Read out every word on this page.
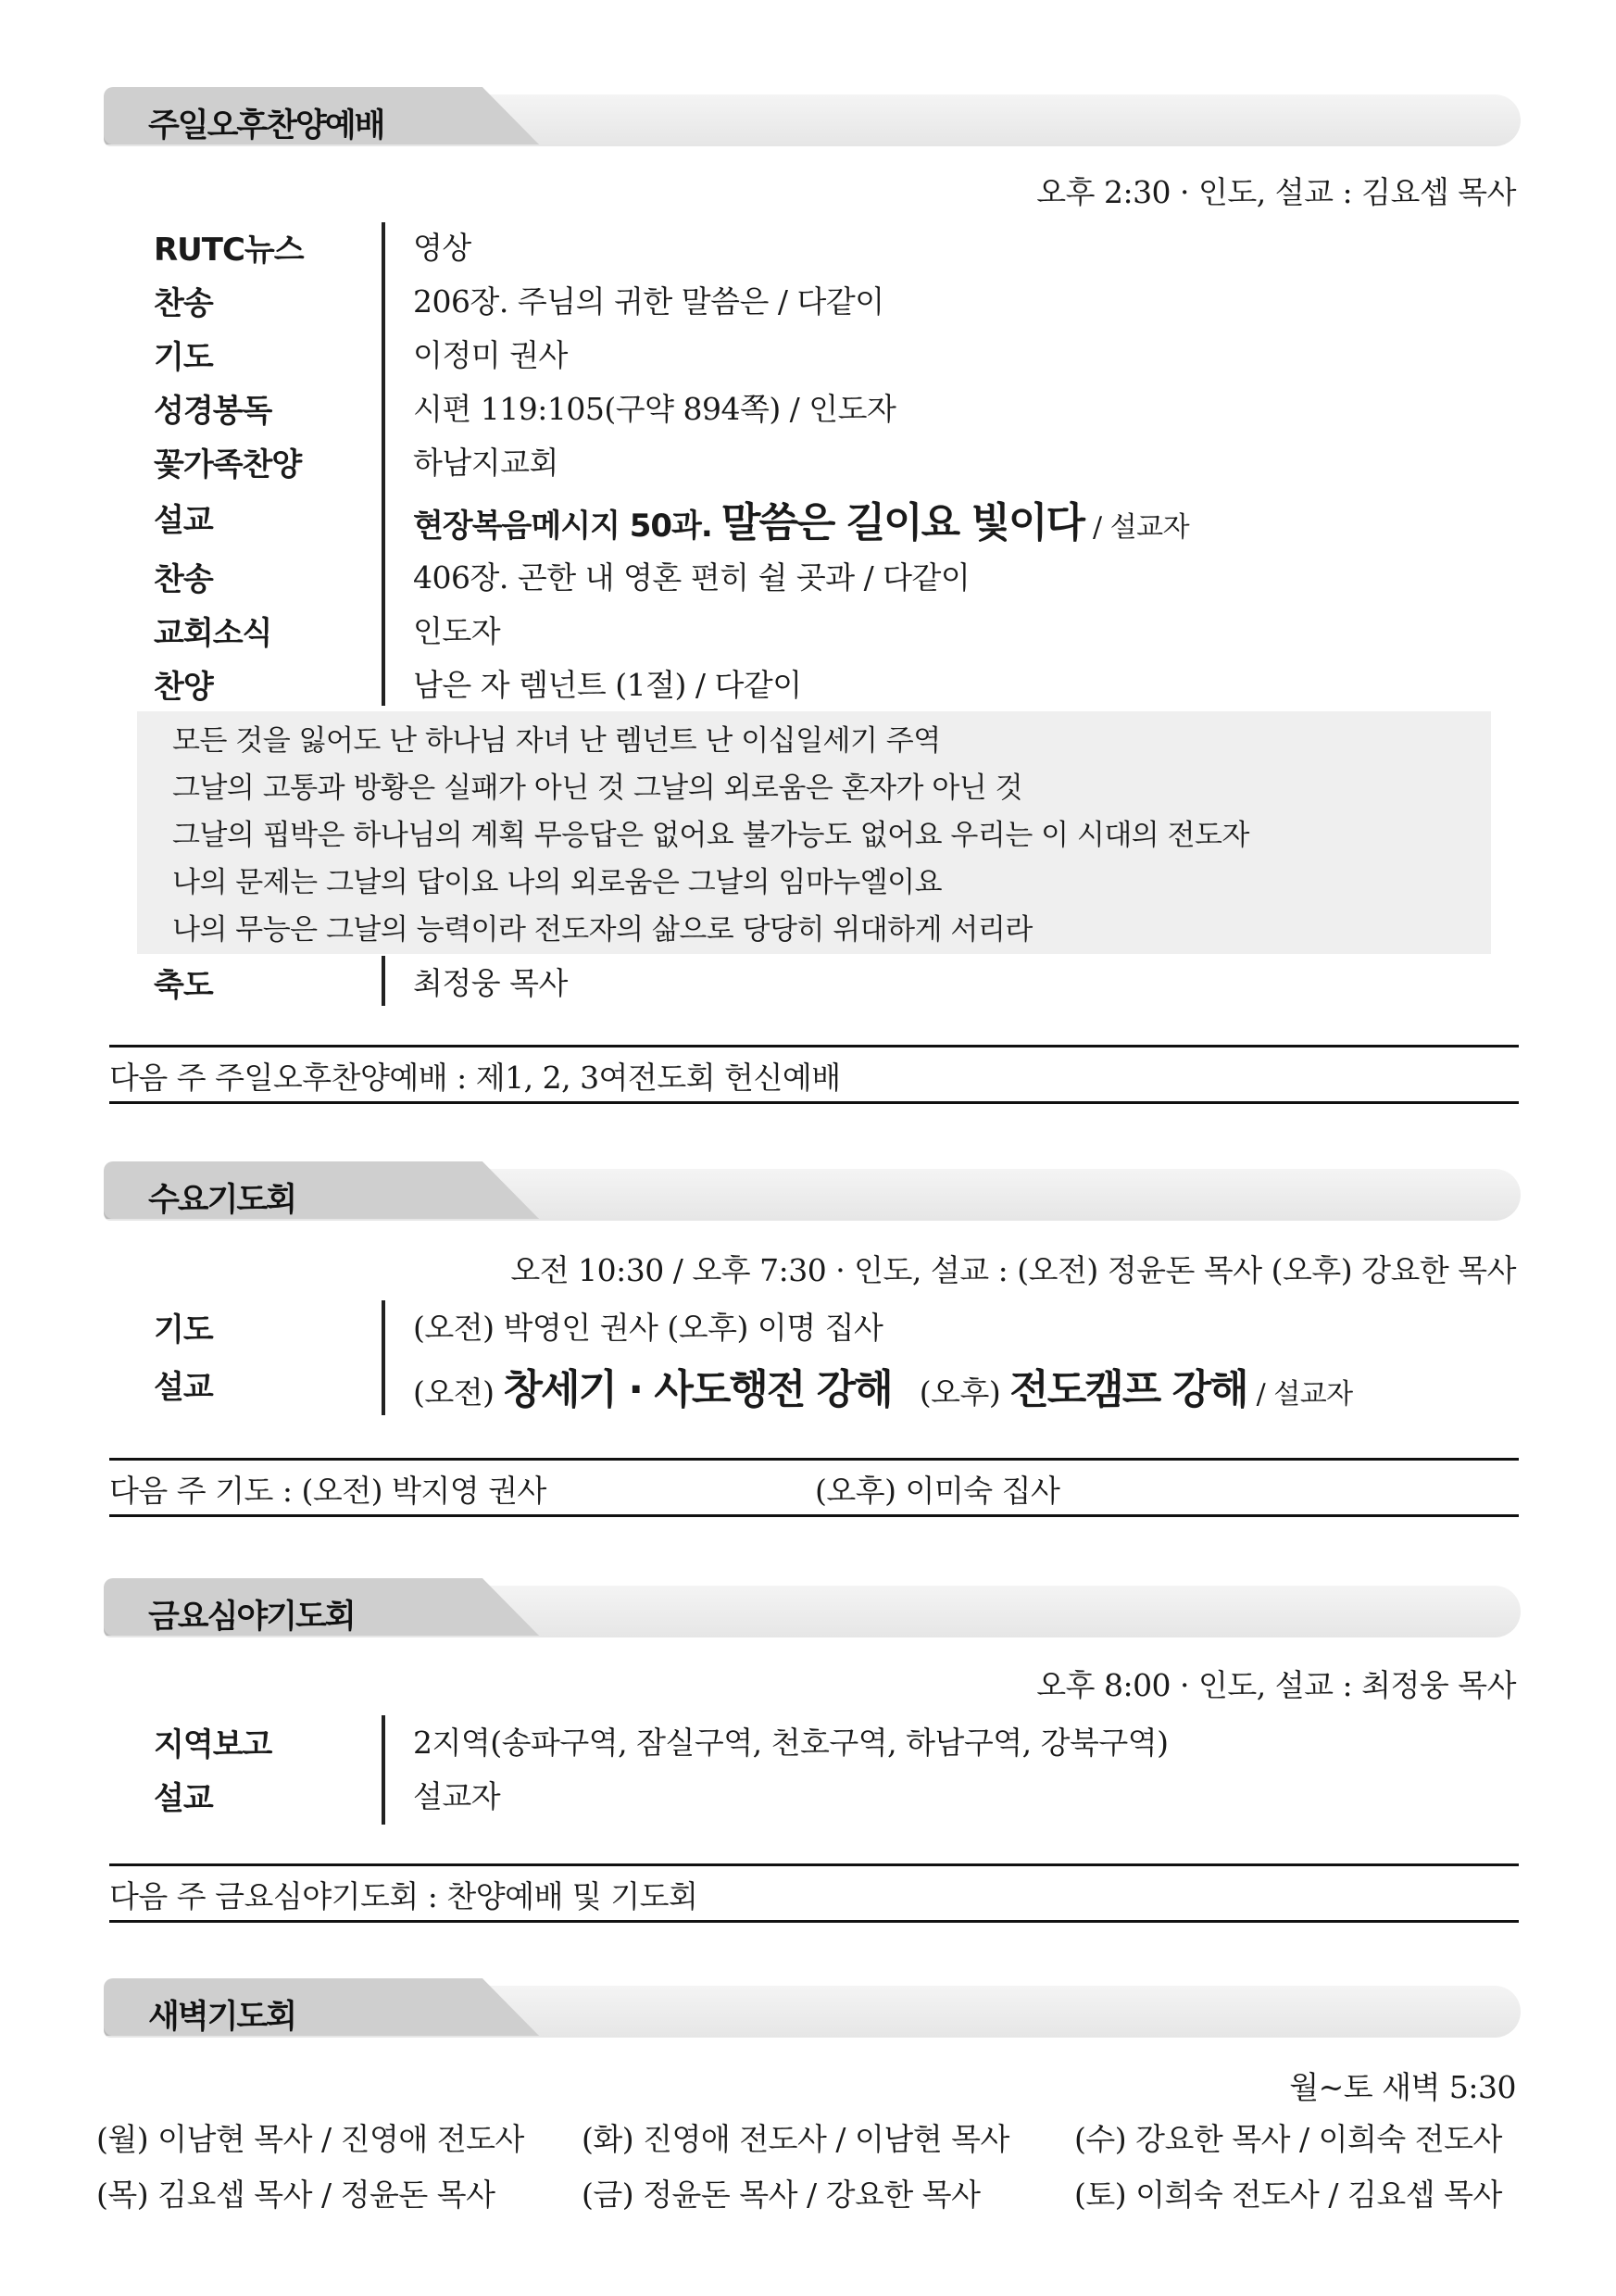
주일오후찬양예배
오후 2:30 · 인도, 설교 : 김요셉 목사
RUTC뉴스	영상
찬송	206장. 주님의 귀한 말씀은 / 다같이
기도	이정미 권사
성경봉독	시편 119:105(구약 894쪽) / 인도자
꽃가족찬양	하남지교회
설교	현장복음메시지 50과. 말씀은 길이요 빛이다 / 설교자
찬송	406장. 곤한 내 영혼 편히 쉴 곳과 / 다같이
교회소식	인도자
찬양	남은 자 렘넌트 (1절) / 다같이
모든 것을 잃어도 난 하나님 자녀 난 렘넌트 난 이십일세기 주역
그날의 고통과 방황은 실패가 아닌 것 그날의 외로움은 혼자가 아닌 것
그날의 핍박은 하나님의 계획 무응답은 없어요 불가능도 없어요 우리는 이 시대의 전도자
나의 문제는 그날의 답이요 나의 외로움은 그날의 임마누엘이요
나의 무능은 그날의 능력이라 전도자의 삶으로 당당히 위대하게 서리라
축도	최정웅 목사
다음 주 주일오후찬양예배 : 제1, 2, 3여전도회 헌신예배
수요기도회
오전 10:30 / 오후 7:30 · 인도, 설교 : (오전) 정윤돈 목사 (오후) 강요한 목사
기도	(오전) 박영인 권사 (오후) 이명 집사
설교	(오전) 창세기 · 사도행전 강해 (오후) 전도캠프 강해 / 설교자
다음 주 기도 : (오전) 박지영 권사	(오후) 이미숙 집사
금요심야기도회
오후 8:00 · 인도, 설교 : 최정웅 목사
지역보고	2지역(송파구역, 잠실구역, 천호구역, 하남구역, 강북구역)
설교	설교자
다음 주 금요심야기도회 : 찬양예배 및 기도회
새벽기도회
월~토 새벽 5:30
(월) 이남현 목사 / 진영애 전도사 (화) 진영애 전도사 / 이남현 목사 (수) 강요한 목사 / 이희숙 전도사
(목) 김요셉 목사 / 정윤돈 목사	(금) 정윤돈 목사 / 강요한 목사	(토) 이희숙 전도사 / 김요셉 목사
